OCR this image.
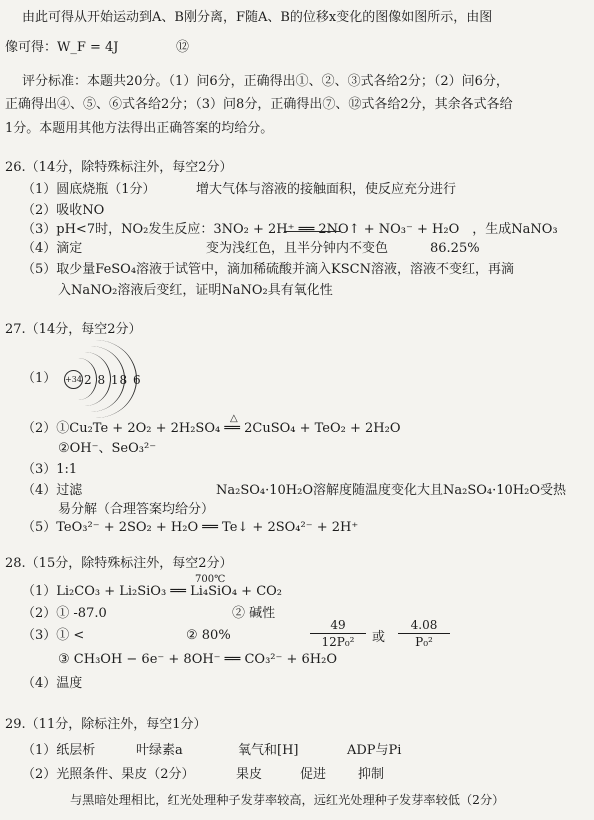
由此可得从开始运动到A、B刚分离，F随A、B的位移x变化的图像如图所示，由图
像可得：W_F = 4J	⑫
评分标准：本题共20分。（1）问6分，正确得出①、②、③式各给2分；（2）问6分，
正确得出④、⑤、⑥式各给2分；（3）问8分，正确得出⑦、⑫式各给2分，其余各式各给
1分。本题用其他方法得出正确答案的均给分。
26.（14分，除特殊标注外，每空2分）
（1）圆底烧瓶（1分）	增大气体与溶液的接触面积，使反应充分进行
（2）吸收NO
（3）pH<7时，NO₂发生反应：3NO₂ + 2H⁺ ══ 2NO↑ + NO₃⁻ + H₂O　，生成NaNO₃
（4）滴定	变为浅红色，且半分钟内不变色	86.25%
（5）取少量FeSO₄溶液于试管中，滴加稀硫酸并滴入KSCN溶液，溶液不变红，再滴
入NaNO₂溶液后变红，证明NaNO₂具有氧化性
27.（14分，每空2分）
（1） +34 2 8 18 6
（2）①Cu₂Te + 2O₂ + 2H₂SO₄ ══ 2CuSO₄ + TeO₂ + 2H₂O
△
②OH⁻、SeO₃²⁻
（3）1:1
（4）过滤	Na₂SO₄·10H₂O溶解度随温度变化大且Na₂SO₄·10H₂O受热
易分解（合理答案均给分）
（5）TeO₃²⁻ + 2SO₂ + H₂O ══ Te↓ + 2SO₄²⁻ + 2H⁺
28.（15分，除特殊标注外，每空2分）
700℃
（1）Li₂CO₃ + Li₂SiO₃ ══ Li₄SiO₄ + CO₂
（2）① -87.0	② 碱性
（3）① <	② 80%	$\frac{49}{\text{12P₀²}}$ 或 $\frac{4.08}{\text{P₀²}}$
③ CH₃OH − 6e⁻ + 8OH⁻ ══ CO₃²⁻ + 6H₂O
（4）温度
29.（11分，除标注外，每空1分）
（1）纸层析	叶绿素a	氧气和[H]	ADP与Pi
（2）光照条件、果皮（2分）	果皮	促进 抑制
与黑暗处理相比，红光处理种子发芽率较高，远红光处理种子发芽率较低（2分）
